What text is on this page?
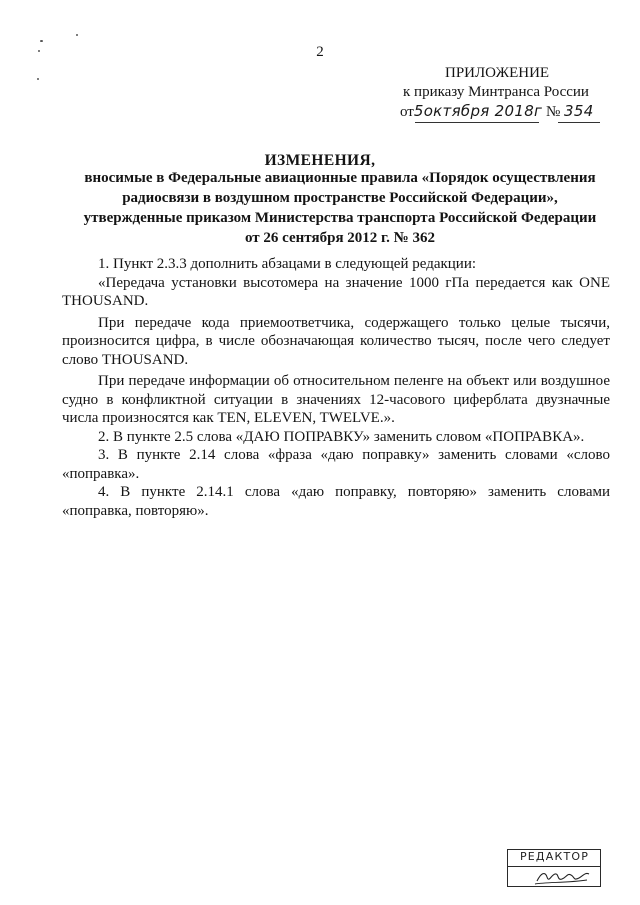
2
ПРИЛОЖЕНИЕ
к приказу Минтранса России
от5октября 2018г № 354
ИЗМЕНЕНИЯ,
вносимые в Федеральные авиационные правила «Порядок осуществления
радиосвязи в воздушном пространстве Российской Федерации»,
утвержденные приказом Министерства транспорта Российской Федерации
от 26 сентября 2012 г. № 362

1. Пункт 2.3.3 дополнить абзацами в следующей редакции:

«Передача установки высотомера на значение 1000 гПа передается как ONE THOUSAND.

При передаче кода приемоответчика, содержащего только целые тысячи, произносится цифра, в числе обозначающая количество тысяч, после чего следует слово THOUSAND.

При передаче информации об относительном пеленге на объект или воздушное судно в конфликтной ситуации в значениях 12-часового циферблата двузначные числа произносятся как TEN, ELEVEN, TWELVE.».

2. В пункте 2.5 слова «ДАЮ ПОПРАВКУ» заменить словом «ПОПРАВКА».

3. В пункте 2.14 слова «фраза «даю поправку» заменить словами «слово «поправка».

4. В пункте 2.14.1 слова «даю поправку, повторяю» заменить словами «поправка, повторяю».

РЕДАКТОР
